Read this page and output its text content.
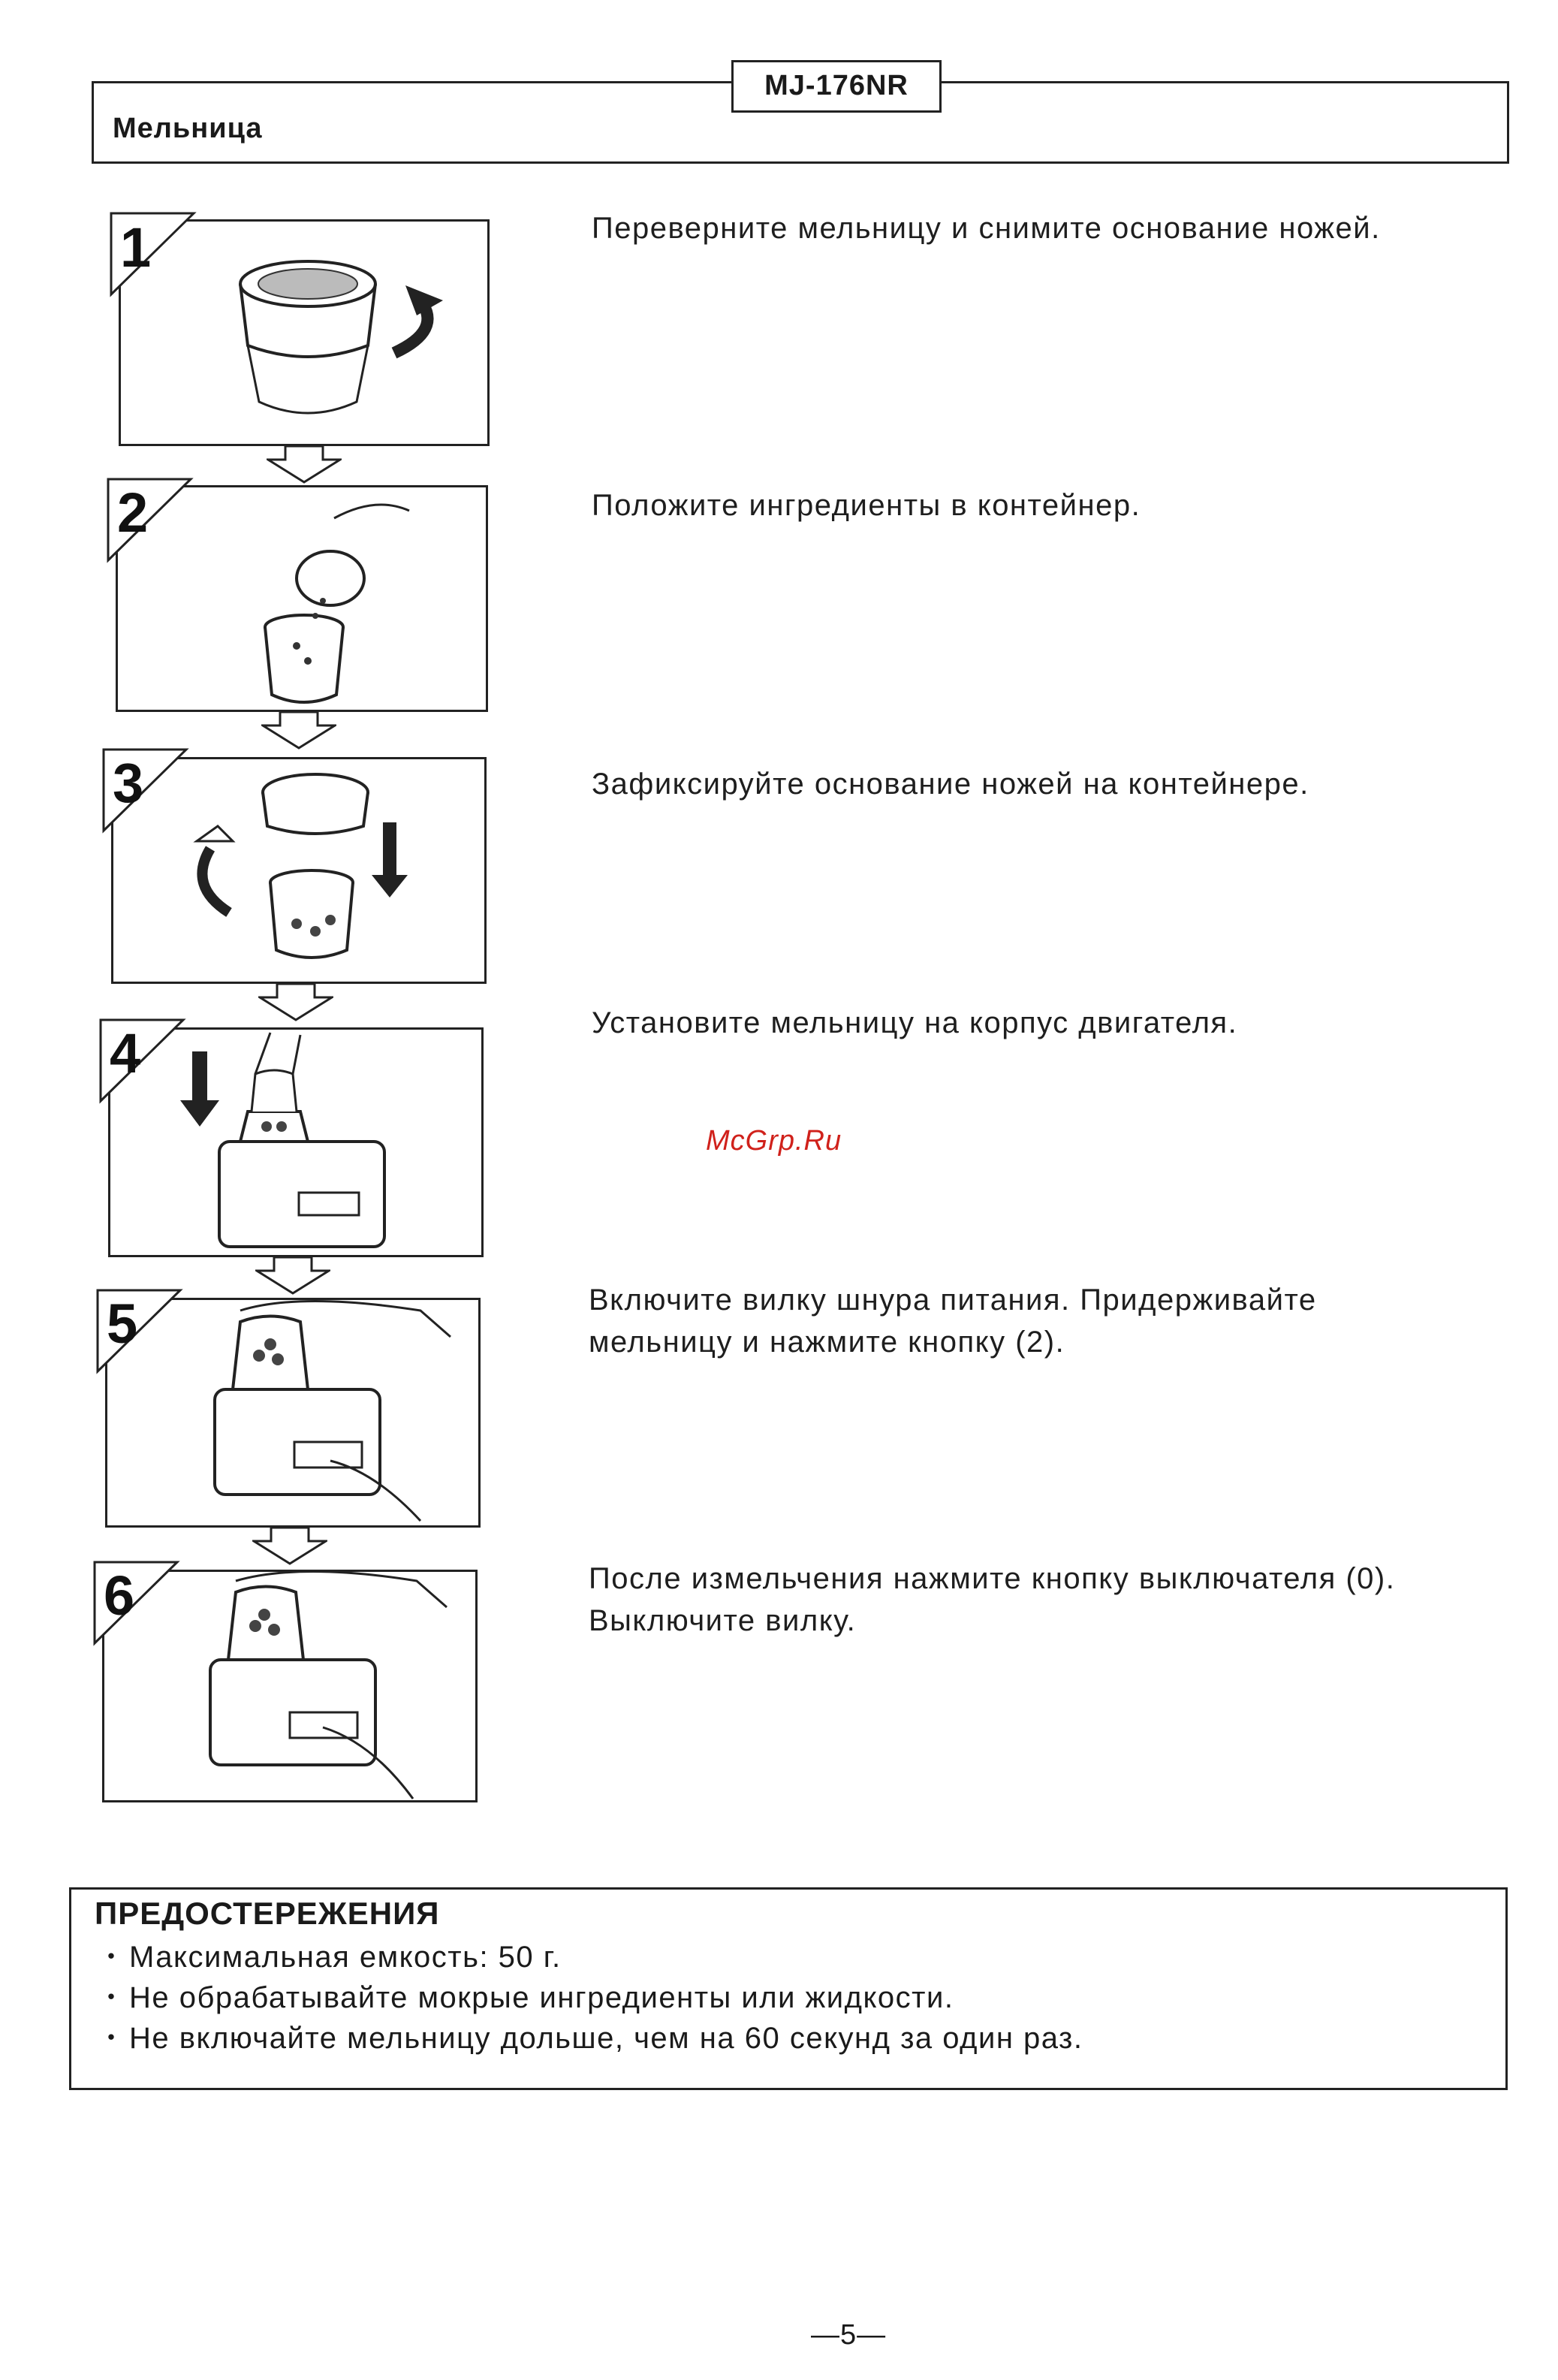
Мельница
MJ-176NR
1	Переверните мельницу и снимите основание ножей.
2	Положите ингредиенты в контейнер.
3	Зафиксируйте основание ножей на контейнере.
4	Установите мельницу на корпус двигателя.
McGrp.Ru
5	Включите вилку шнура питания. Придерживайте
мельницу и нажмите кнопку (2).
6	После измельчения нажмите кнопку выключателя (0).
Выключите вилку.
ПРЕДОСТЕРЕЖЕНИЯ
・Максимальная емкость: 50 г.
・Не обрабатывайте мокрые ингредиенты или жидкости.
・Не включайте мельницу дольше, чем на 60 секунд за один раз.
—5—
